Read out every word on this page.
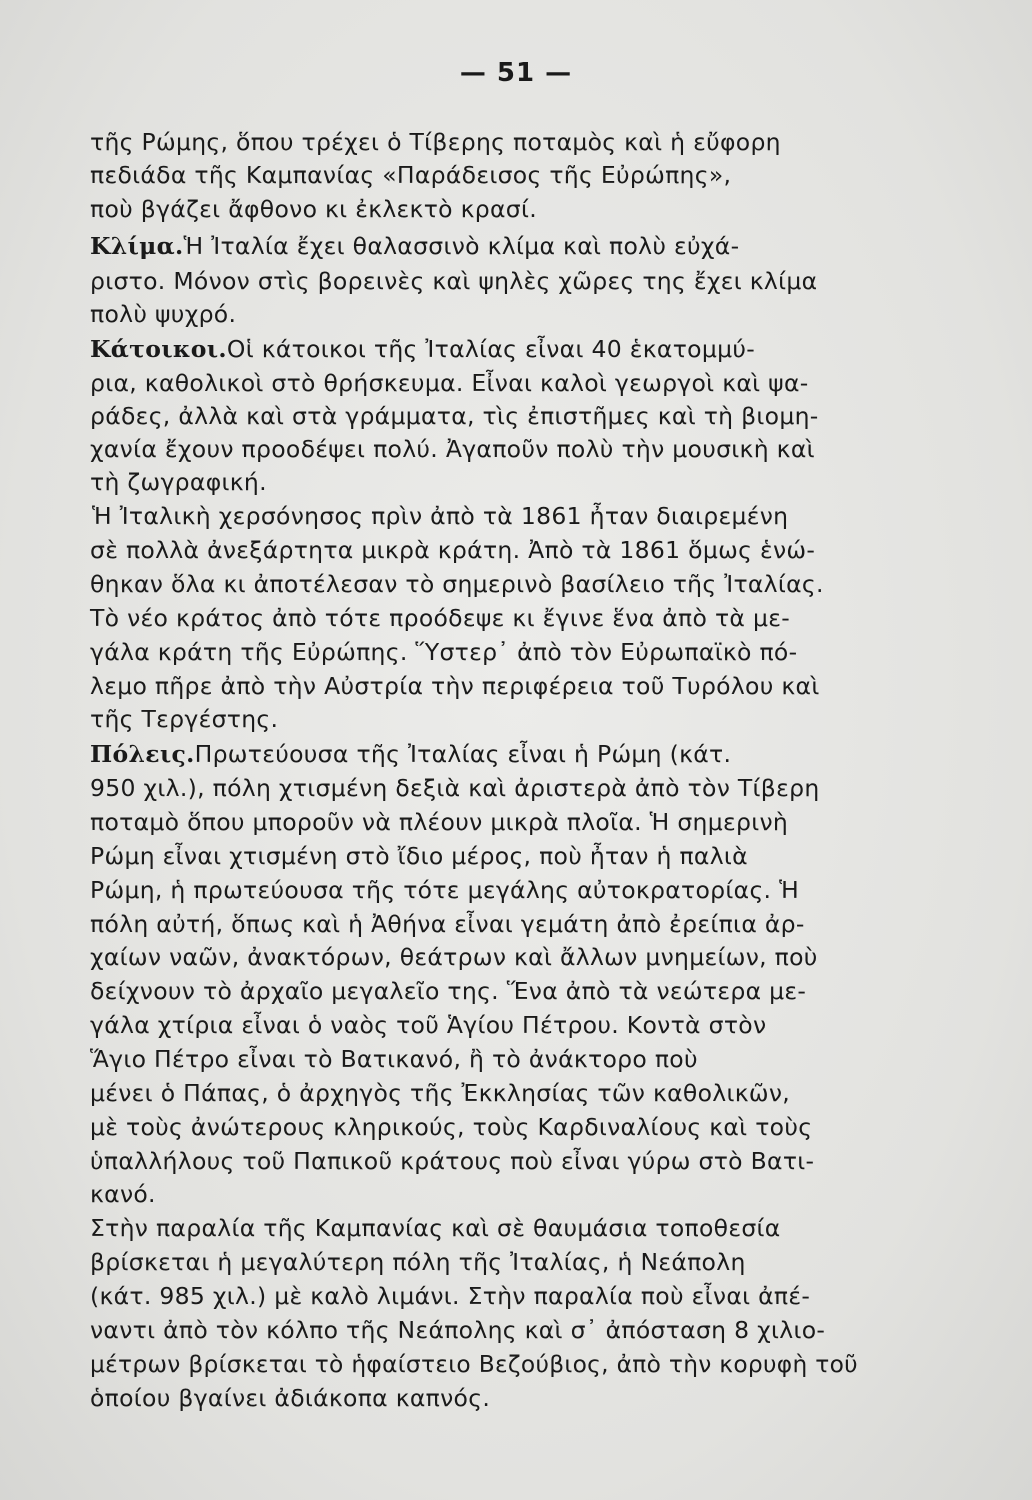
— 51 —
τῆς Ρώμης, ὅπου τρέχει ὁ Τίβερης ποταμὸς καὶ ἡ εὔφορη
πεδιάδα τῆς Καμπανίας «Παράδεισος τῆς Εὐρώπης»,
ποὺ βγάζει ἄφθονο κι ἐκλεκτὸ κρασί.
Κλίμα.Ἡ Ἰταλία ἔχει θαλασσινὸ κλίμα καὶ πολὺ εὐχά-
ριστο. Μόνον στὶς βορεινὲς καὶ ψηλὲς χῶρες της ἔχει κλίμα
πολὺ ψυχρό.
Κάτοικοι.Οἱ κάτοικοι τῆς Ἰταλίας εἶναι 40 ἑκατομμύ-
ρια, καθολικοὶ στὸ θρήσκευμα. Εἶναι καλοὶ γεωργοὶ καὶ ψα-
ράδες, ἀλλὰ καὶ στὰ γράμματα, τὶς ἐπιστῆμες καὶ τὴ βιομη-
χανία ἔχουν προοδέψει πολύ. Ἀγαποῦν πολὺ τὴν μουσικὴ καὶ
τὴ ζωγραφική.
Ἡ Ἰταλικὴ χερσόνησος πρὶν ἀπὸ τὰ 1861 ἦταν διαιρεμένη
σὲ πολλὰ ἀνεξάρτητα μικρὰ κράτη. Ἀπὸ τὰ 1861 ὅμως ἑνώ-
θηκαν ὅλα κι ἀποτέλεσαν τὸ σημερινὸ βασίλειο τῆς Ἰταλίας.
Τὸ νέο κράτος ἀπὸ τότε προόδεψε κι ἔγινε ἕνα ἀπὸ τὰ με-
γάλα κράτη τῆς Εὐρώπης. Ὕστερ᾽ ἀπὸ τὸν Εὐρωπαϊκὸ πό-
λεμο πῆρε ἀπὸ τὴν Αὐστρία τὴν περιφέρεια τοῦ Τυρόλου καὶ
τῆς Τεργέστης.
Πόλεις.Πρωτεύουσα τῆς Ἰταλίας εἶναι ἡ Ρώμη (κάτ.
950 χιλ.), πόλη χτισμένη δεξιὰ καὶ ἀριστερὰ ἀπὸ τὸν Τίβερη
ποταμὸ ὅπου μποροῦν νὰ πλέουν μικρὰ πλοῖα. Ἡ σημερινὴ
Ρώμη εἶναι χτισμένη στὸ ἴδιο μέρος, ποὺ ἦταν ἡ παλιὰ
Ρώμη, ἡ πρωτεύουσα τῆς τότε μεγάλης αὐτοκρατορίας. Ἡ
πόλη αὐτή, ὅπως καὶ ἡ Ἀθήνα εἶναι γεμάτη ἀπὸ ἐρείπια ἀρ-
χαίων ναῶν, ἀνακτόρων, θεάτρων καὶ ἄλλων μνημείων, ποὺ
δείχνουν τὸ ἀρχαῖο μεγαλεῖο της. Ἕνα ἀπὸ τὰ νεώτερα με-
γάλα χτίρια εἶναι ὁ ναὸς τοῦ Ἁγίου Πέτρου. Κοντὰ στὸν
Ἅγιο Πέτρο εἶναι τὸ Βατικανό, ἢ τὸ ἀνάκτορο ποὺ
μένει ὁ Πάπας, ὁ ἀρχηγὸς τῆς Ἐκκλησίας τῶν καθολικῶν,
μὲ τοὺς ἀνώτερους κληρικούς, τοὺς Καρδιναλίους καὶ τοὺς
ὑπαλλήλους τοῦ Παπικοῦ κράτους ποὺ εἶναι γύρω στὸ Βατι-
κανό.
Στὴν παραλία τῆς Καμπανίας καὶ σὲ θαυμάσια τοποθεσία
βρίσκεται ἡ μεγαλύτερη πόλη τῆς Ἰταλίας, ἡ Νεάπολη
(κάτ. 985 χιλ.) μὲ καλὸ λιμάνι. Στὴν παραλία ποὺ εἶναι ἀπέ-
ναντι ἀπὸ τὸν κόλπο τῆς Νεάπολης καὶ σ᾽ ἀπόσταση 8 χιλιο-
μέτρων βρίσκεται τὸ ἡφαίστειο Βεζούβιος, ἀπὸ τὴν κορυφὴ τοῦ
ὁποίου βγαίνει ἀδιάκοπα καπνός.
